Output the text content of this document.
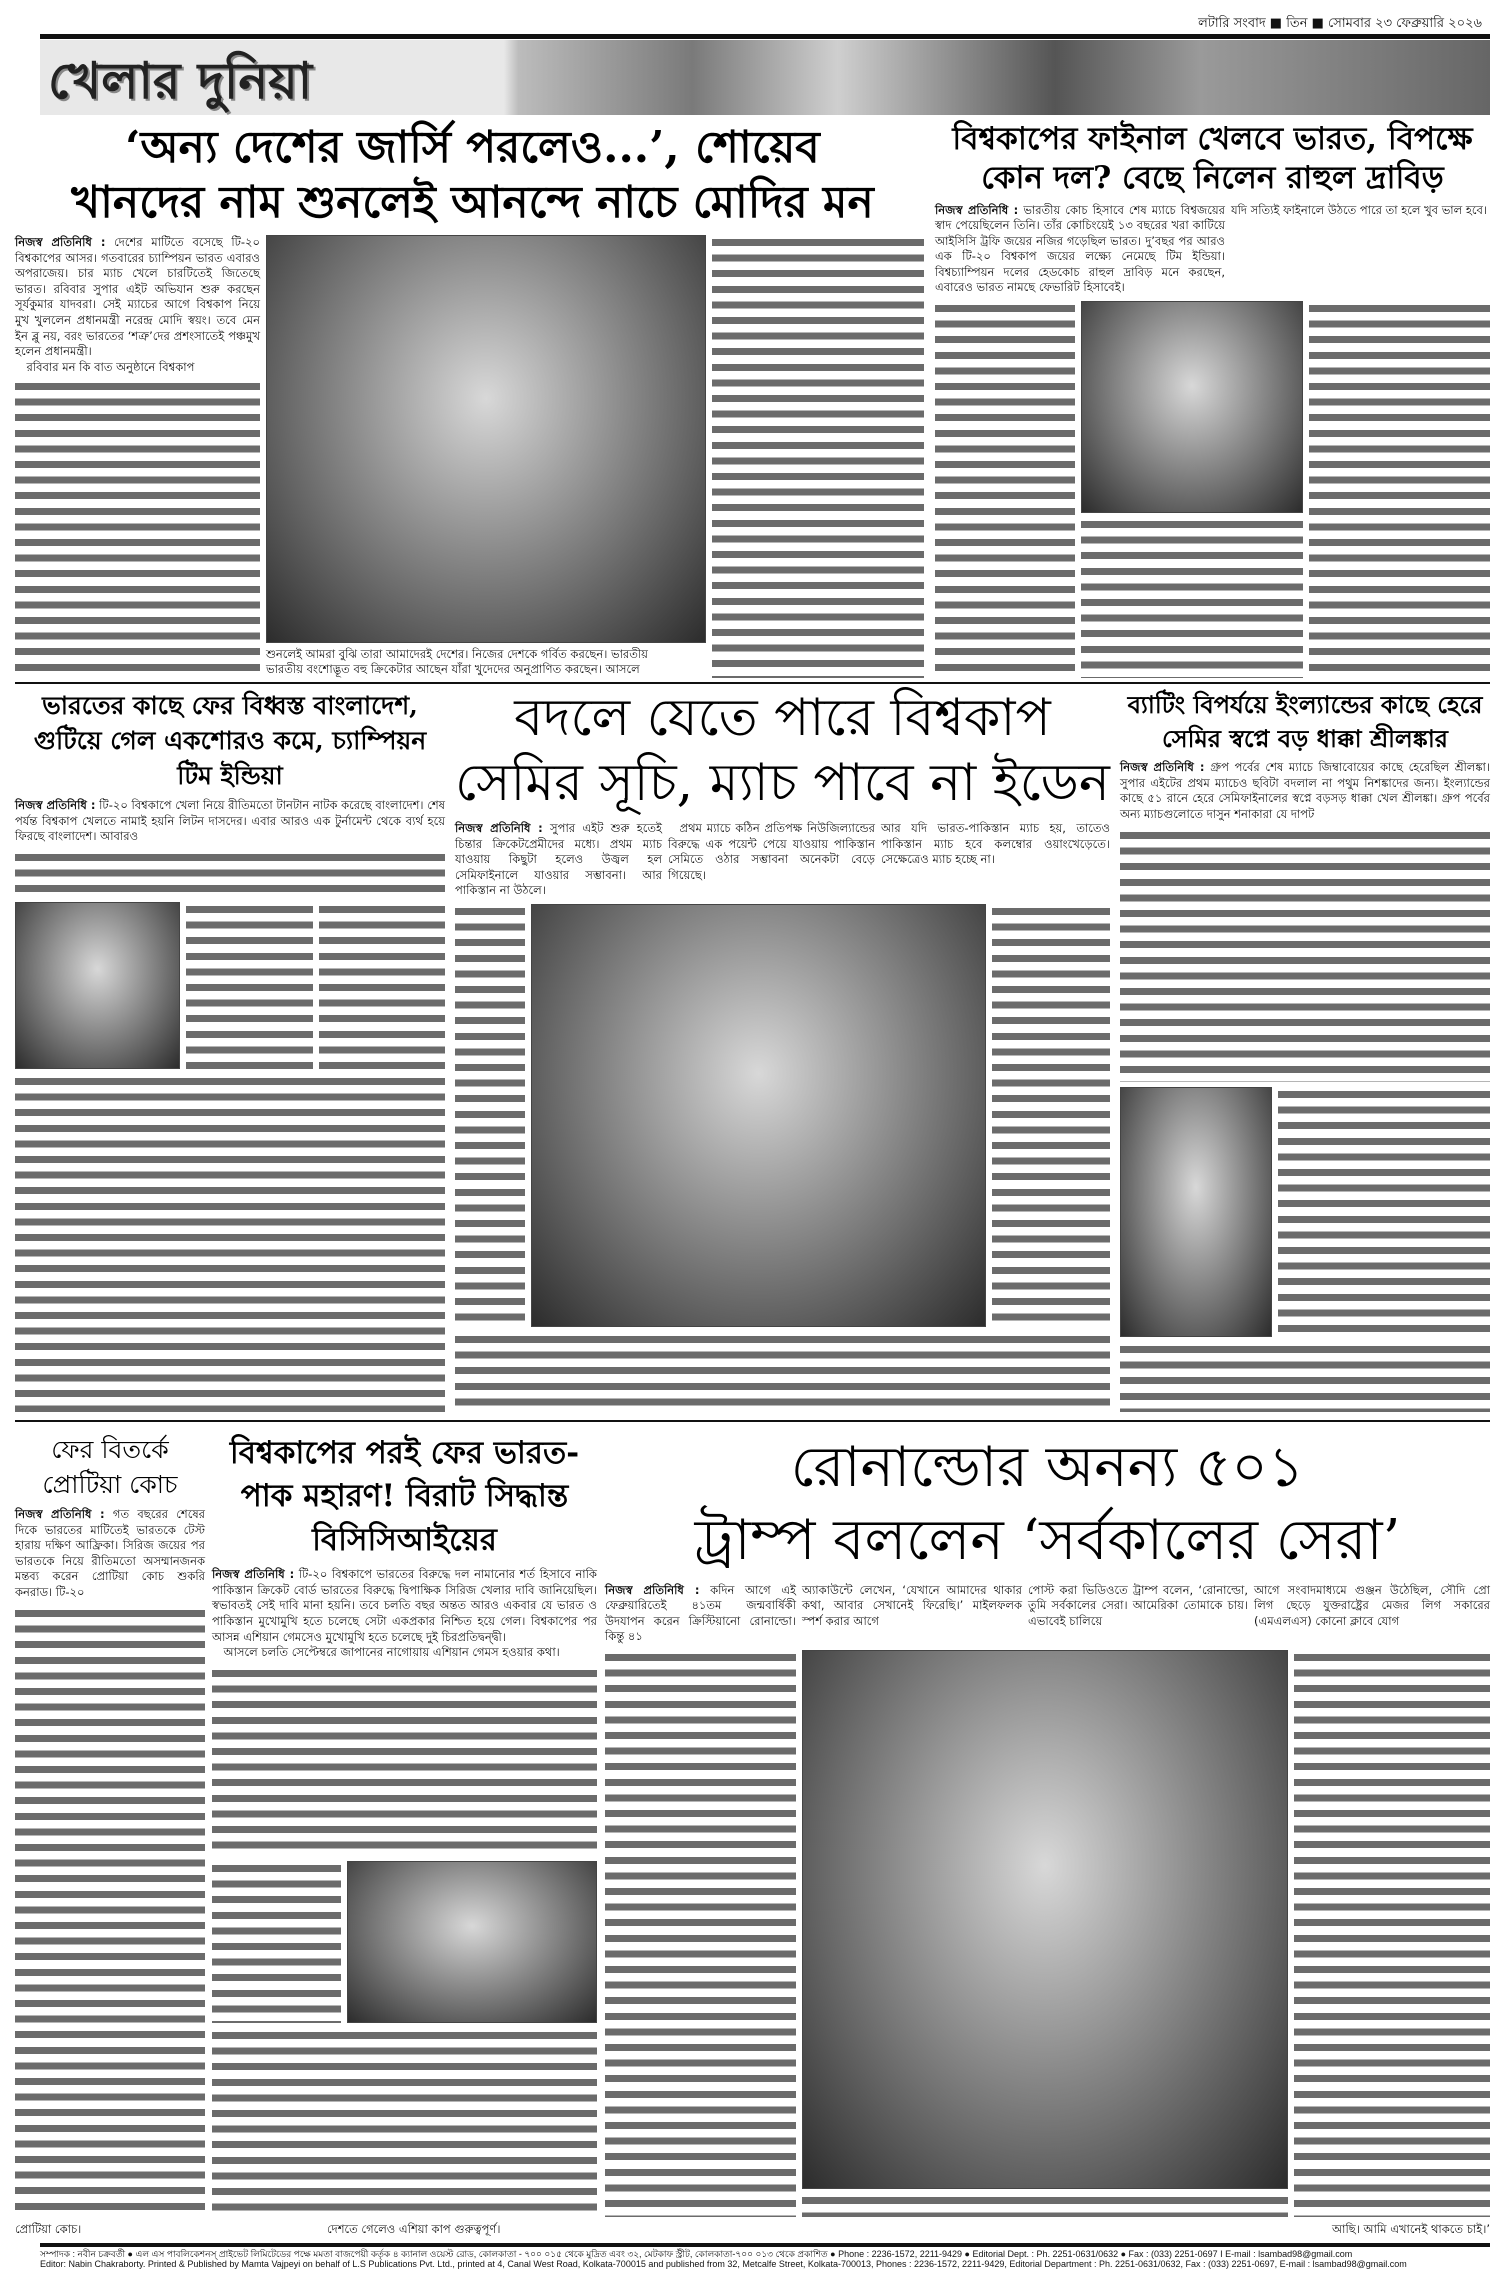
লটারি সংবাদ ■ তিন ■ সোমবার ২৩ ফেব্রুয়ারি ২০২৬
খেলার দুনিয়া
‘অন্য দেশের জার্সি পরলেও...’, শোয়েব
খানদের নাম শুনলেই আনন্দে নাচে মোদির মন
নিজস্ব প্রতিনিধি : দেশের মাটিতে বসেছে টি-২০ বিশ্বকাপের আসর। গতবারের চ্যাম্পিয়ন ভারত এবারও অপরাজেয়। চার ম্যাচ খেলে চারটিতেই জিতেছে ভারত। রবিবার সুপার এইট অভিযান শুরু করছেন সূর্যকুমার যাদবরা। সেই ম্যাচের আগে বিশ্বকাপ নিয়ে মুখ খুললেন প্রধানমন্ত্রী নরেন্দ্র মোদি স্বয়ং। তবে মেন ইন ব্লু নয়, বরং ভারতের ‘শত্রু’দের প্রশংসাতেই পঞ্চমুখ হলেন প্রধানমন্ত্রী।
 রবিবার মন কি বাত অনুষ্ঠানে বিশ্বকাপ
শুনলেই আমরা বুঝি তারা আমাদেরই দেশের। নিজের দেশকে গর্বিত করছেন। ভারতীয়
ভারতীয় বংশোদ্ভূত বহু ক্রিকেটার আছেন যাঁরা খুদেদের অনুপ্রাণিত করছেন। আসলে
বিশ্বকাপের ফাইনাল খেলবে ভারত, বিপক্ষে
কোন দল? বেছে নিলেন রাহুল দ্রাবিড়
নিজস্ব প্রতিনিধি : ভারতীয় কোচ হিসাবে শেষ ম্যাচে বিশ্বজয়ের স্বাদ পেয়েছিলেন তিনি। তাঁর কোচিংয়েই ১৩ বছরের খরা কাটিয়ে আইসিসি ট্রফি জয়ের নজির গড়েছিল ভারত। দু’বছর পর আরও এক টি-২০ বিশ্বকাপ জয়ের লক্ষ্যে নেমেছে টিম ইন্ডিয়া। বিশ্বচ্যাম্পিয়ন দলের হেডকোচ রাহুল দ্রাবিড় মনে করছেন, এবারেও ভারত নামছে ফেভারিট হিসাবেই।
যদি সত্যিই ফাইনালে উঠতে পারে তা হলে খুব ভাল হবে।
ভারতের কাছে ফের বিধ্বস্ত বাংলাদেশ, গুটিয়ে গেল একশোরও কমে, চ্যাম্পিয়ন টিম ইন্ডিয়া
নিজস্ব প্রতিনিধি : টি-২০ বিশ্বকাপে খেলা নিয়ে রীতিমতো টানটান নাটক করেছে বাংলাদেশ। শেষ পর্যন্ত বিশ্বকাপ খেলতে নামাই হয়নি লিটন দাসদের। এবার আরও এক টুর্নামেন্ট থেকে ব্যর্থ হয়ে ফিরছে বাংলাদেশ। আবারও
বদলে যেতে পারে বিশ্বকাপ
সেমির সূচি, ম্যাচ পাবে না ইডেন
নিজস্ব প্রতিনিধি : সুপার এইট শুরু হতেই চিন্তার ক্রিকেটপ্রেমীদের মধ্যে। প্রথম ম্যাচ যাওয়ায় কিছুটা হলেও উজ্বল হল সেমিফাইনালে যাওয়ার সম্ভাবনা। আর পাকিস্তান না উঠলে।
 প্রথম ম্যাচে কঠিন প্রতিপক্ষ নিউজিল্যান্ডের বিরুদ্ধে এক পয়েন্ট পেয়ে যাওয়ায় পাকিস্তান সেমিতে ওঠার সম্ভাবনা অনেকটা বেড়ে গিয়েছে।
আর যদি ভারত-পাকিস্তান ম্যাচ হয়, তাতেও পাকিস্তান ম্যাচ হবে কলম্বোর ওয়াংখেড়েতে। সেক্ষেত্রেও ম্যাচ হচ্ছে না।
ব্যাটিং বিপর্যয়ে ইংল্যান্ডের কাছে হেরে সেমির স্বপ্নে বড় ধাক্কা শ্রীলঙ্কার
নিজস্ব প্রতিনিধি : গ্রুপ পর্বের শেষ ম্যাচে জিম্বাবোয়ের কাছে হেরেছিল শ্রীলঙ্কা। সুপার এইটের প্রথম ম্যাচেও ছবিটা বদলাল না পথুম নিশঙ্কাদের জন্য। ইংল্যান্ডের কাছে ৫১ রানে হেরে সেমিফাইনালের স্বপ্নে বড়সড় ধাক্কা খেল শ্রীলঙ্কা। গ্রুপ পর্বের অন্য ম্যাচগুলোতে দাসুন শনাকারা যে দাপট
ফের বিতর্কে প্রোটিয়া কোচ
নিজস্ব প্রতিনিধি : গত বছরের শেষের দিকে ভারতের মাটিতেই ভারতকে টেস্ট হারায় দক্ষিণ আফ্রিকা। সিরিজ জয়ের পর ভারতকে নিয়ে রীতিমতো অসম্মানজনক মন্তব্য করেন প্রোটিয়া কোচ শুকরি কনরাড। টি-২০
প্রোটিয়া কোচ।
বিশ্বকাপের পরই ফের ভারত-পাক মহারণ! বিরাট সিদ্ধান্ত বিসিসিআইয়ের
নিজস্ব প্রতিনিধি : টি-২০ বিশ্বকাপে ভারতের বিরুদ্ধে দল নামানোর শর্ত হিসাবে নাকি পাকিস্তান ক্রিকেট বোর্ড ভারতের বিরুদ্ধে দ্বিপাক্ষিক সিরিজ খেলার দাবি জানিয়েছিল। স্বভাবতই সেই দাবি মানা হয়নি। তবে চলতি বছর অন্তত আরও একবার যে ভারত ও পাকিস্তান মুখোমুখি হতে চলেছে সেটা একপ্রকার নিশ্চিত হয়ে গেল। বিশ্বকাপের পর আসন্ন এশিয়ান গেমসেও মুখোমুখি হতে চলেছে দুই চিরপ্রতিদ্বন্দ্বী।
 আসলে চলতি সেপ্টেম্বরে জাপানের নাগোয়ায় এশিয়ান গেমস হওয়ার কথা।
দেশতে গেলেও এশিয়া কাপ গুরুত্বপূর্ণ।
রোনাল্ডোর অনন্য ৫০১
ট্রাম্প বললেন ‘সর্বকালের সেরা’
নিজস্ব প্রতিনিধি : কদিন আগে এই ফেব্রুয়ারিতেই ৪১তম জন্মবার্ষিকী উদযাপন করেন ক্রিস্টিয়ানো রোনাল্ডো। কিন্তু ৪১
অ্যাকাউন্টে লেখেন, ‘যেখানে আমাদের থাকার কথা, আবার সেখানেই ফিরেছি।’ মাইলফলক স্পর্শ করার আগে
পোস্ট করা ভিডিওতে ট্রাম্প বলেন, ‘রোনাল্ডো, তুমি সর্বকালের সেরা। আমেরিকা তোমাকে চায়। এভাবেই চালিয়ে
আগে সংবাদমাধ্যমে গুঞ্জন উঠেছিল, সৌদি প্রো লিগ ছেড়ে যুক্তরাষ্ট্রের মেজর লিগ সকারের (এমএলএস) কোনো ক্লাবে যোগ
আছি। আমি এখানেই থাকতে চাই।’
সম্পাদক : নবীন চক্রবর্তী ● এল এস পাবলিকেশনস্ প্রাইভেট লিমিটেডের পক্ষে মমতা বাজপেয়ী কর্তৃক ৪ ক্যানাল ওয়েস্ট রোড, কোলকাতা - ৭০০ ০১৫ থেকে মুদ্রিত এবং ৩২, মেটকাফ স্ট্রীট, কোলকাতা-৭০০ ০১৩ থেকে প্রকাশিত ● Phone : 2236-1572, 2211-9429 ● Editorial Dept. : Ph. 2251-0631/0632 ● Fax : (033) 2251-0697 I E-mail : lsambad98@gmail.com
Editor: Nabin Chakraborty. Printed & Published by Mamta Vajpeyi on behalf of L.S Publications Pvt. Ltd., printed at 4, Canal West Road, Kolkata-700015 and published from 32, Metcalfe Street, Kolkata-700013, Phones : 2236-1572, 2211-9429, Editorial Department : Ph. 2251-0631/0632, Fax : (033) 2251-0697, E-mail : lsambad98@gmail.com
